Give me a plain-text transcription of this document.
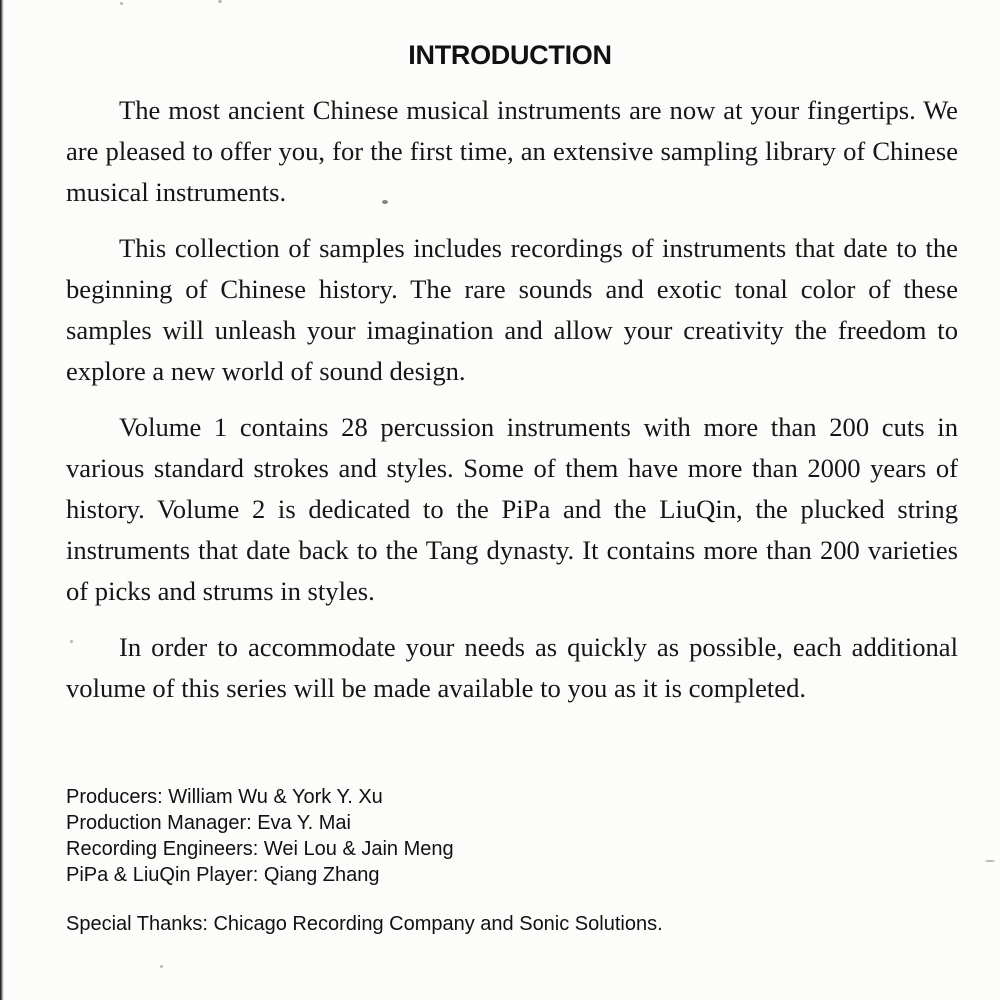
INTRODUCTION

The most ancient Chinese musical instruments are now at your fingertips. We are pleased to offer you, for the first time, an extensive sampling library of Chinese musical instruments.

This collection of samples includes recordings of instruments that date to the beginning of Chinese history. The rare sounds and exotic tonal color of these samples will unleash your imagination and allow your creativity the freedom to explore a new world of sound design.

Volume 1 contains 28 percussion instruments with more than 200 cuts in various standard strokes and styles. Some of them have more than 2000 years of history. Volume 2 is dedicated to the PiPa and the LiuQin, the plucked string instruments that date back to the Tang dynasty. It contains more than 200 varieties of picks and strums in styles.

In order to accommodate your needs as quickly as possible, each additional volume of this series will be made available to you as it is completed.

Producers: William Wu & York Y. Xu
Production Manager: Eva Y. Mai
Recording Engineers: Wei Lou & Jain Meng
PiPa & LiuQin Player: Qiang Zhang
Special Thanks: Chicago Recording Company and Sonic Solutions.
